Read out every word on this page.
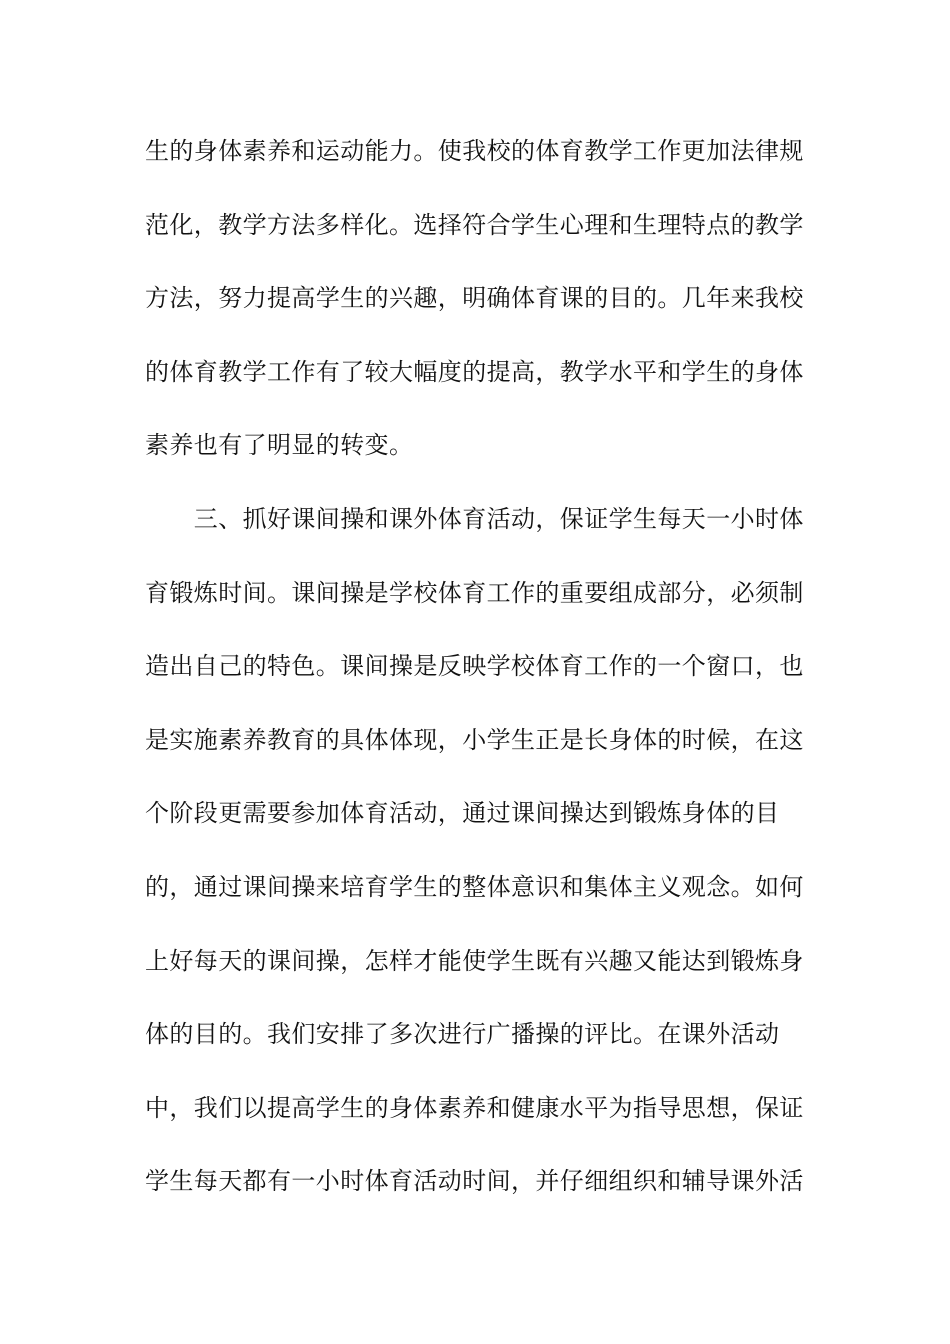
生的身体素养和运动能力。使我校的体育教学工作更加法律规
范化，教学方法多样化。选择符合学生心理和生理特点的教学
方法，努力提高学生的兴趣，明确体育课的目的。几年来我校
的体育教学工作有了较大幅度的提高，教学水平和学生的身体
素养也有了明显的转变。
　　三、抓好课间操和课外体育活动，保证学生每天一小时体
育锻炼时间。课间操是学校体育工作的重要组成部分，必须制
造出自己的特色。课间操是反映学校体育工作的一个窗口，也
是实施素养教育的具体体现，小学生正是长身体的时候，在这
个阶段更需要参加体育活动，通过课间操达到锻炼身体的目
的，通过课间操来培育学生的整体意识和集体主义观念。如何
上好每天的课间操，怎样才能使学生既有兴趣又能达到锻炼身
体的目的。我们安排了多次进行广播操的评比。在课外活动
中，我们以提高学生的身体素养和健康水平为指导思想，保证
学生每天都有一小时体育活动时间，并仔细组织和辅导课外活
